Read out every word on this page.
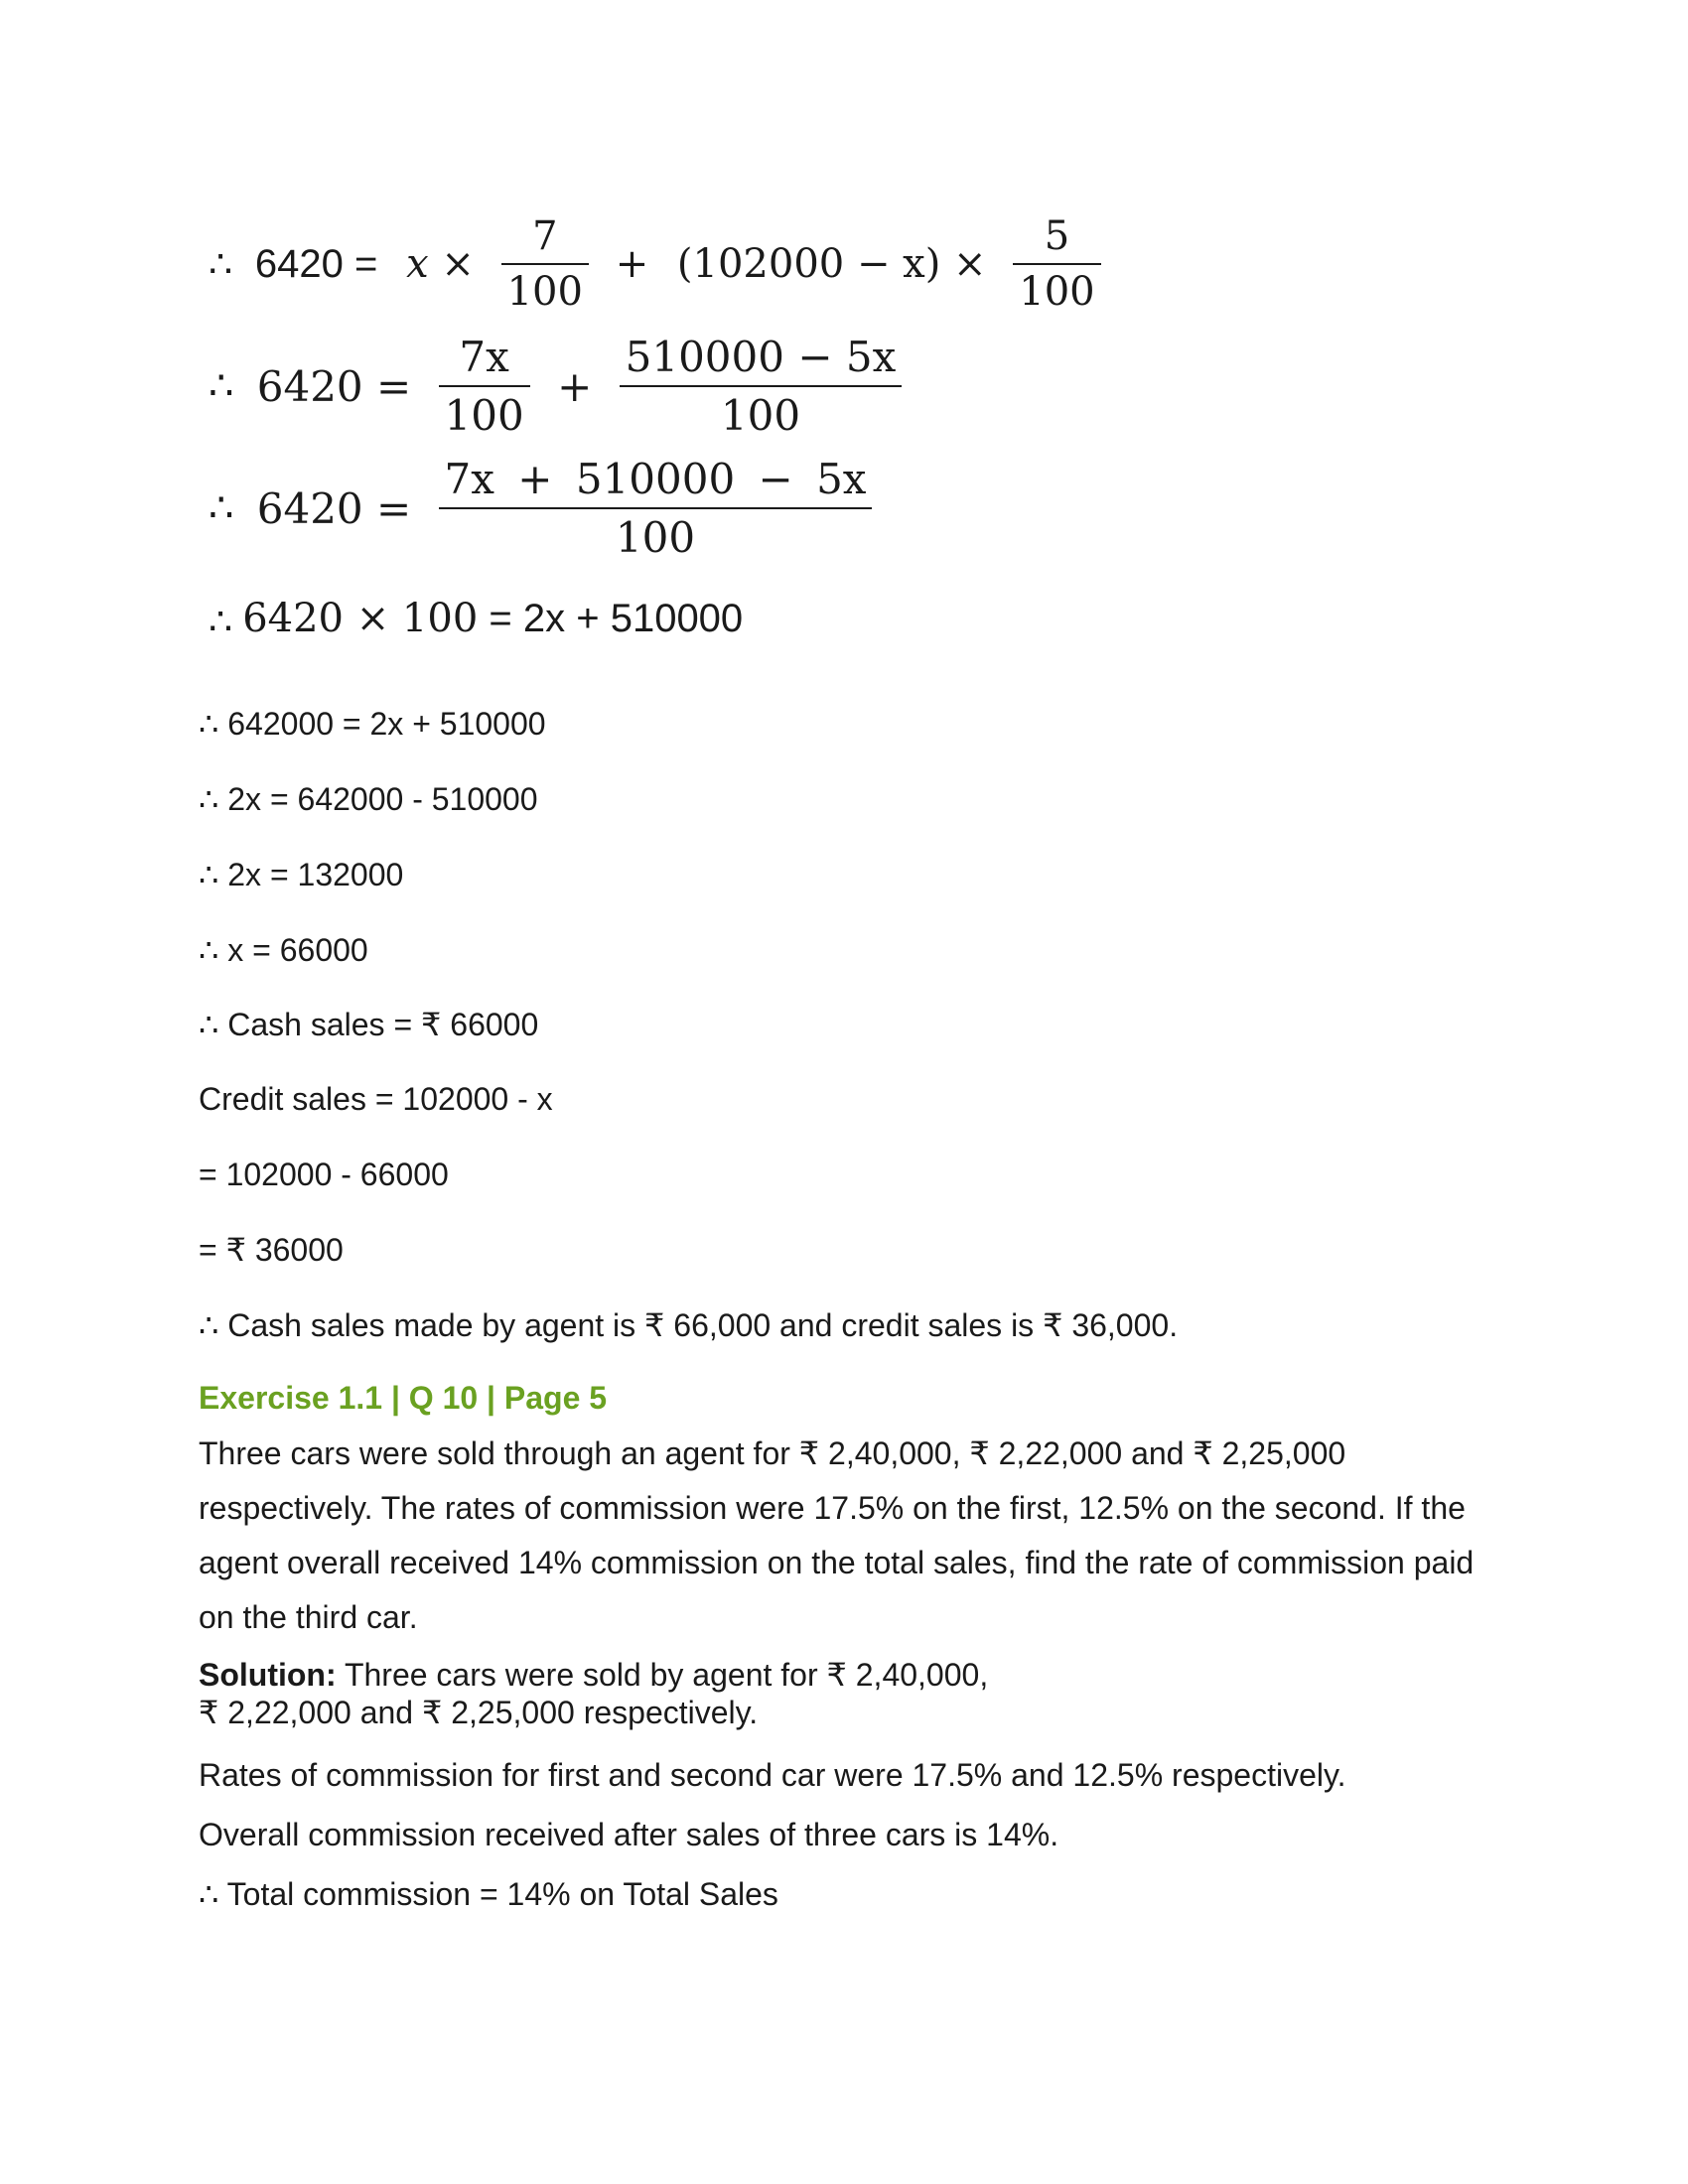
∴ $6420 = x \times \frac{7}{100} + (102000 - x) \times \frac{5}{100}$
∴ $6420 = \frac{7x}{100} + \frac{510000 - 5x}{100}$
∴ $6420 = \frac{7x + 510000 - 5x}{100}$
∴ 6420 × 100 = 2x + 510000
∴ 642000 = 2x + 510000
∴ 2x = 642000 - 510000
∴ 2x = 132000
∴ x = 66000
∴ Cash sales = ₹ 66000
Credit sales = 102000 - x
= 102000 - 66000
= ₹ 36000
∴ Cash sales made by agent is ₹ 66,000 and credit sales is ₹ 36,000.
Exercise 1.1 | Q 10 | Page 5
Three cars were sold through an agent for ₹ 2,40,000, ₹ 2,22,000 and ₹ 2,25,000 respectively. The rates of commission were 17.5% on the first, 12.5% on the second. If the agent overall received 14% commission on the total sales, find the rate of commission paid on the third car.
Solution: Three cars were sold by agent for ₹ 2,40,000,
₹ 2,22,000 and ₹ 2,25,000 respectively.
Rates of commission for first and second car were 17.5% and 12.5% respectively.
Overall commission received after sales of three cars is 14%.
∴ Total commission = 14% on Total Sales
